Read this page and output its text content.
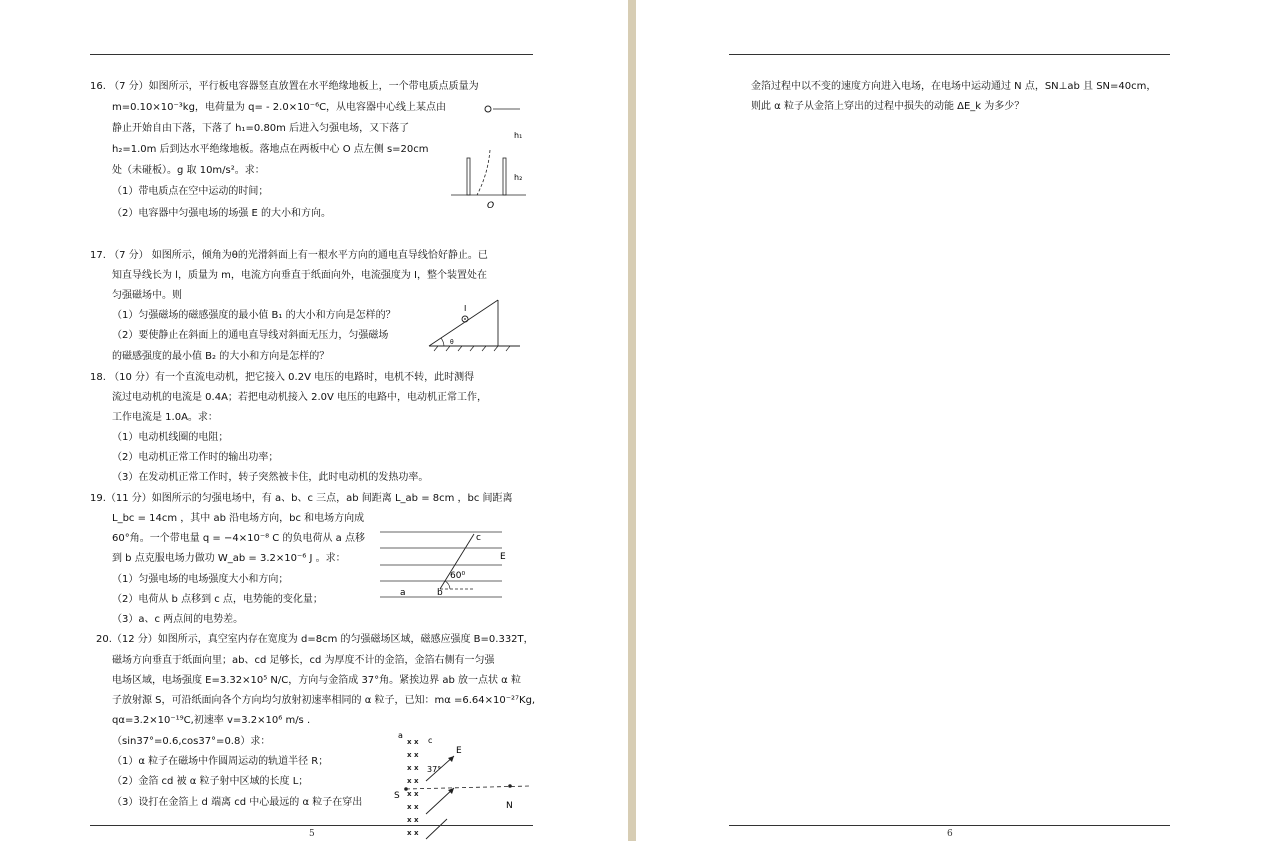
16. （7 分）如图所示，平行板电容器竖直放置在水平绝缘地板上，一个带电质点质量为
m=0.10×10⁻³kg，电荷量为 q= - 2.0×10⁻⁶C，从电容器中心线上某点由
静止开始自由下落，下落了 h₁=0.80m 后进入匀强电场，又下落了
h₂=1.0m 后到达水平绝缘地板。落地点在两板中心 O 点左侧 s=20cm
处（未碰板）。g 取 10m/s²。求：
（1）带电质点在空中运动的时间；
（2）电容器中匀强电场的场强 E 的大小和方向。
h₁
h₂
O
17. （7 分） 如图所示，倾角为θ的光滑斜面上有一根水平方向的通电直导线恰好静止。已
知直导线长为 l，质量为 m，电流方向垂直于纸面向外，电流强度为 I，整个装置处在
匀强磁场中。则
（1）匀强磁场的磁感强度的最小值 B₁ 的大小和方向是怎样的？
（2）要使静止在斜面上的通电直导线对斜面无压力，匀强磁场
的磁感强度的最小值 B₂ 的大小和方向是怎样的？
θ
I
18. （10 分）有一个直流电动机，把它接入 0.2V 电压的电路时，电机不转，此时测得
流过电动机的电流是 0.4A；若把电动机接入 2.0V 电压的电路中，电动机正常工作，
工作电流是 1.0A。求：
（1）电动机线圈的电阻；
（2）电动机正常工作时的输出功率；
（3）在发动机正常工作时，转子突然被卡住，此时电动机的发热功率。
19.（11 分）如图所示的匀强电场中，有 a、b、c 三点，ab 间距离 L_ab = 8cm ，bc 间距离
L_bc = 14cm ，其中 ab 沿电场方向，bc 和电场方向成
60°角。一个带电量 q = −4×10⁻⁸ C 的负电荷从 a 点移
到 b 点克服电场力做功 W_ab = 3.2×10⁻⁶ J 。求：
（1）匀强电场的电场强度大小和方向；
（2）电荷从 b 点移到 c 点，电势能的变化量；
（3）a、c 两点间的电势差。
c
E
60⁰
a	b
20.（12 分）如图所示，真空室内存在宽度为 d=8cm 的匀强磁场区域，磁感应强度 B=0.332T，
磁场方向垂直于纸面向里；ab、cd 足够长，cd 为厚度不计的金箔，金箔右侧有一匀强
电场区域，电场强度 E=3.32×10⁵ N/C，方向与金箔成 37°角。紧挨边界 ab 放一点状 α 粒
子放射源 S，可沿纸面向各个方向均匀放射初速率相同的 α 粒子，已知：mα =6.64×10⁻²⁷Kg,
qα=3.2×10⁻¹⁹C,初速率 v=3.2×10⁶ m/s .
（sin37°=0.6,cos37°=0.8）求：
（1）α 粒子在磁场中作圆周运动的轨道半径 R；
（2）金箔 cd 被 α 粒子射中区域的长度 L；
（3）设打在金箔上 d 端离 cd 中心最远的 α 粒子在穿出
a
c
x x
x x
x x
x x
x x
x x
x x
x x
E
37°
S
N
5
金箔过程中以不变的速度方向进入电场，在电场中运动通过 N 点，SN⊥ab 且 SN=40cm，
则此 α 粒子从金箔上穿出的过程中损失的动能 ΔE_k 为多少？
6
